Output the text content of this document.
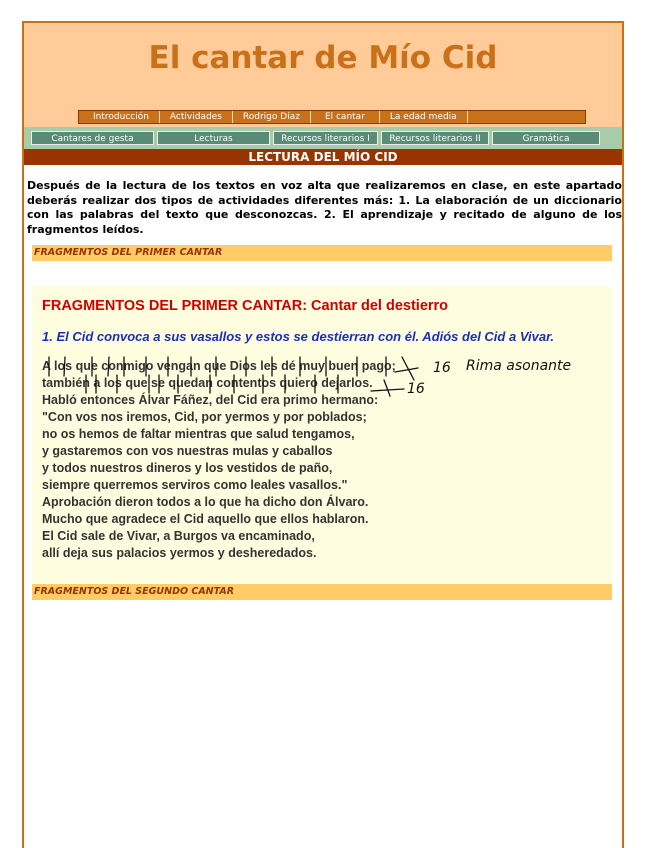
El cantar de Mío Cid
Introducción	Actividades	Rodrigo Díaz	El cantar	La edad media
Cantares de gesta	Lecturas	Recursos literarios I	Recursos literarios II	Gramática
LECTURA DEL MÍO CID
Después de la lectura de los textos en voz alta que realizaremos en clase, en este apartado deberás realizar dos tipos de actividades diferentes más: 1. La elaboración de un diccionario con las palabras del texto que desconozcas. 2. El aprendizaje y recitado de alguno de los fragmentos leídos.
FRAGMENTOS DEL PRIMER CANTAR
FRAGMENTOS DEL PRIMER CANTAR: Cantar del destierro
1. El Cid convoca a sus vasallos y estos se destierran con él. Adiós del Cid a Vivar.
A los que conmigo vengan que Dios les dé muy buen pago;
también a los que se quedan contentos quiero dejarlos.
Habló entonces Álvar Fáñez, del Cid era primo hermano:
"Con vos nos iremos, Cid, por yermos y por poblados;
no os hemos de faltar mientras que salud tengamos,
y gastaremos con vos nuestras mulas y caballos
y todos nuestros dineros y los vestidos de paño,
siempre querremos serviros como leales vasallos."
Aprobación dieron todos a lo que ha dicho don Álvaro.
Mucho que agradece el Cid aquello que ellos hablaron.
El Cid sale de Vivar, a Burgos va encaminado,
allí deja sus palacios yermos y desheredados.
FRAGMENTOS DEL SEGUNDO CANTAR
16
16
Rima asonante
